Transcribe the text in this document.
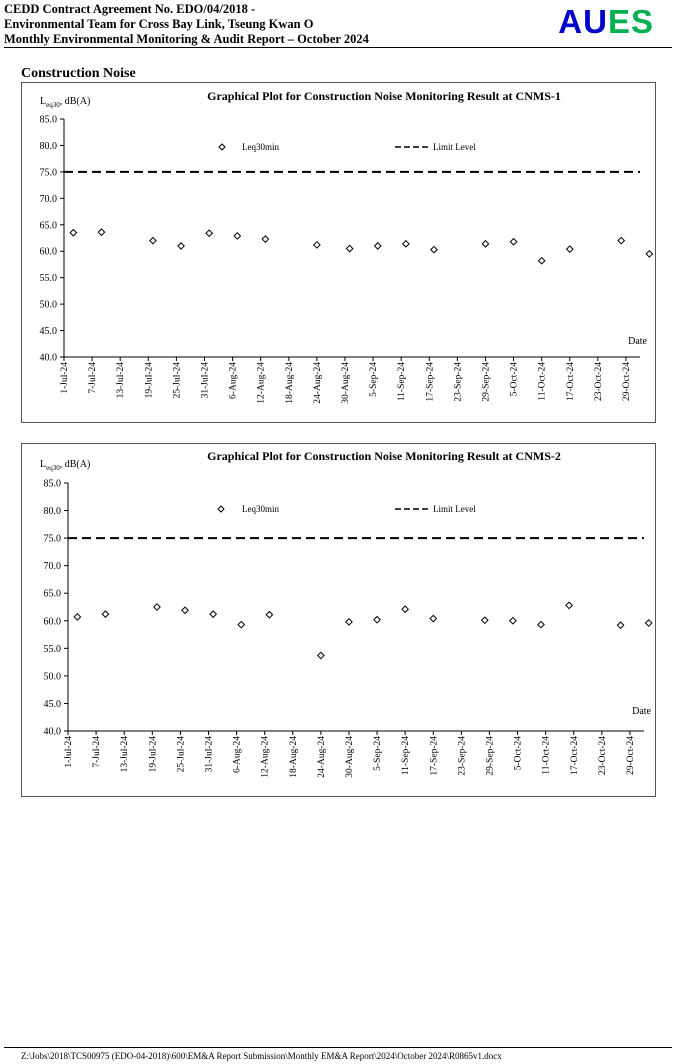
CEDD Contract Agreement No. EDO/04/2018 -
Environmental Team for Cross Bay Link, Tseung Kwan O
Monthly Environmental Monitoring & Audit Report – October 2024	AUES
Construction Noise
Graphical Plot for Construction Noise Monitoring Result at CNMS-1
$L_{eq30}$, dB(A)
40.0
45.0
50.0
55.0
60.0
65.0
70.0
75.0
80.0
85.0
1-Jul-24 7-Jul-24 13-Jul-24 19-Jul-24 25-Jul-24 31-Jul-24 6-Aug-24 12-Aug-24 18-Aug-24 24-Aug-24 30-Aug-24 5-Sep-24 11-Sep-24 17-Sep-24 23-Sep-24 29-Sep-24 5-Oct-24 11-Oct-24 17-Oct-24 23-Oct-24 29-Oct-24
Leq30min	Limit Level
Date
Graphical Plot for Construction Noise Monitoring Result at CNMS-2
$L_{eq30}$, dB(A)
40.0
45.0
50.0
55.0
60.0
65.0
70.0
75.0
80.0
85.0
1-Jul-24 7-Jul-24 13-Jul-24 19-Jul-24 25-Jul-24 31-Jul-24 6-Aug-24 12-Aug-24 18-Aug-24 24-Aug-24 30-Aug-24 5-Sep-24 11-Sep-24 17-Sep-24 23-Sep-24 29-Sep-24 5-Oct-24 11-Oct-24 17-Oct-24 23-Oct-24 29-Oct-24
Leq30min	Limit Level
Date
Z:\Jobs\2018\TCS00975 (EDO-04-2018)\600\EM&A Report Submission\Monthly EM&A Report\2024\October 2024\R0865v1.docx
